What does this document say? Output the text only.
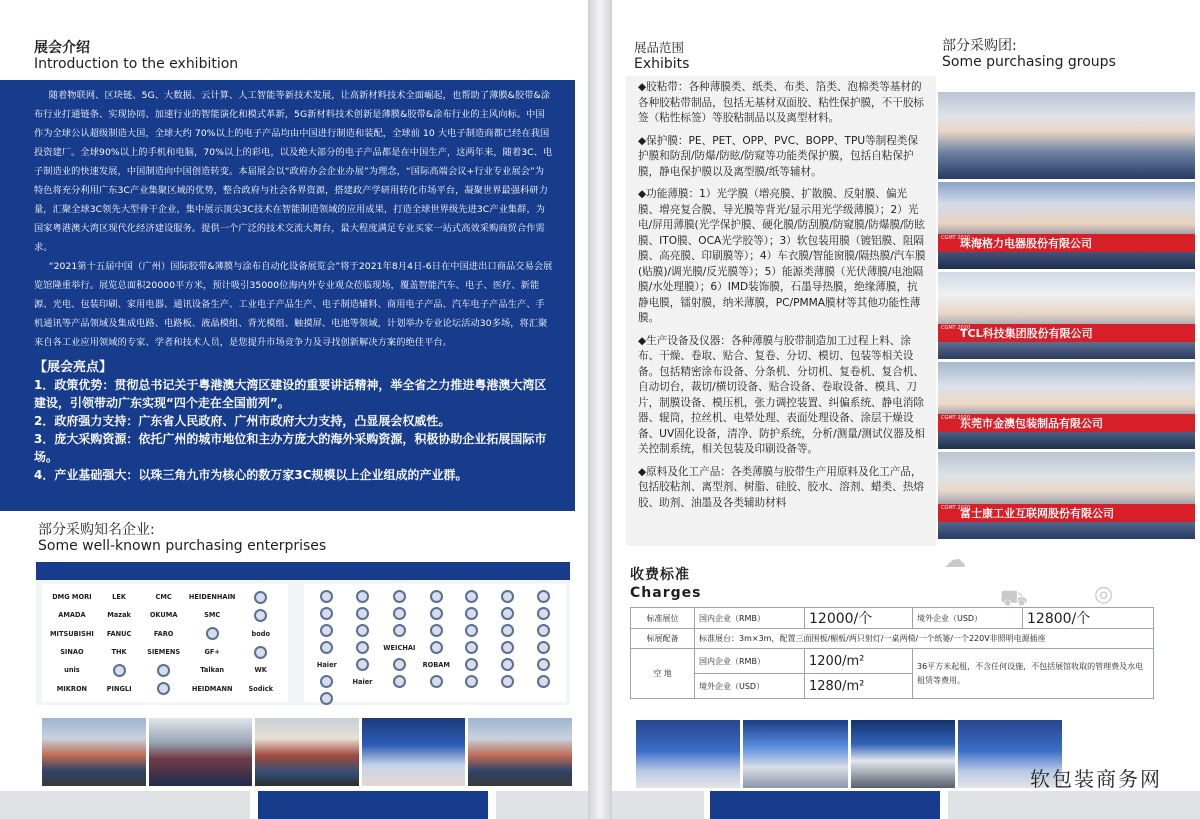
展会介绍
Introduction to the exhibition

随着物联网、区块链、5G、大数据、云计算、人工智能等新技术发展，让高新材料技术全面崛起，也帮助了薄膜&胶带&涂布行业打通链条、实现协同、加速行业的智能演化和模式革新，5G新材料技术创新是薄膜&胶带&涂布行业的主风向标。中国作为全球公认超级制造大国，全球大约 70%以上的电子产品均由中国进行制造和装配，全球前 10 大电子制造商都已经在我国投资建厂。全球90%以上的手机和电脑，70%以上的彩电，以及绝大部分的电子产品都是在中国生产，这两年来，随着3C、电子制造业的快速发展，中国制造向中国创造转变。本届展会以“政府办会企业办展”为理念，“国际高端会议+行业专业展会”为特色将充分利用广东3C产业集聚区域的优势，整合政府与社会各界资源，搭建政产学研用转化市场平台，凝聚世界最强科研力量，汇聚全球3C领先大型骨干企业，集中展示顶尖3C技术在智能制造领域的应用成果，打造全球世界级先进3C产业集群，为国家粤港澳大湾区现代化经济建设服务。提供一个广泛的技术交流大舞台，最大程度满足专业买家一站式高效采购商贸合作需求。

“2021第十五届中国（广州）国际胶带&薄膜与涂布自动化设备展览会”将于2021年8月4日-6日在中国进出口商品交易会展览馆隆重举行。展览总面积20000平方米，预计吸引35000位海内外专业观众莅临现场，覆盖智能汽车、电子、医疗、新能源、光电、包装印刷、家用电器、通讯设备生产、工业电子产品生产、电子制造辅料、商用电子产品、汽车电子产品生产、手机通讯等产品领域及集成电路、电路板、液晶模组、背光模组、触摸屏、电池等领域，计划举办专业论坛活动30多场，将汇聚来自各工业应用领域的专家、学者和技术人员，是您提升市场竞争力及寻找创新解决方案的绝佳平台。

【展会亮点】
1．政策优势：贯彻总书记关于粤港澳大湾区建设的重要讲话精神，举全省之力推进粤港澳大湾区建设，引领带动广东实现“四个走在全国前列”。
2．政府强力支持：广东省人民政府、广州市政府大力支持，凸显展会权威性。
3．庞大采购资源：依托广州的城市地位和主办方庞大的海外采购资源，积极协助企业拓展国际市场。
4．产业基础强大：以珠三角九市为核心的数万家3C规模以上企业组成的产业群。
部分采购知名企业:
Some well-known purchasing enterprises
DMG MORI	LEK	CMC	HEIDENHAIN
AMADA	Mazak	OKUMA	SMC
MITSUBISHI	FANUC	FARO	bodo
SINAO	THK	SIEMENS	GF+
unis	Talkan	WK
MIKRON	PINGLI	HEIDMANN	Sodick
WEICHAI
Haier	ROBAM
Haier
展品范围
Exhibits

◆胶粘带：各种薄膜类、纸类、布类、箔类、泡棉类等基材的各种胶粘带制品，包括无基材双面胶、粘性保护膜，不干胶标签（粘性标签）等胶粘制品以及离型材料。

◆保护膜：PE、PET、OPP、PVC、BOPP、TPU等制程类保护膜和防刮/防爆/防眩/防窥等功能类保护膜，包括自粘保护膜，静电保护膜以及离型膜/纸等辅材。

◆功能薄膜：1）光学膜（增亮膜、扩散膜、反射膜、偏光膜、增亮复合膜、导光膜等背光/显示用光学级薄膜）；2）光电/屏用薄膜(光学保护膜、硬化膜/防刮膜/防窥膜/防爆膜/防眩膜、ITO膜、OCA光学胶等）；3）软包装用膜（镀铝膜、阻隔膜、高亮膜、印刷膜等）；4）车衣膜/智能窗膜/隔热膜/汽车膜(贴膜)/调光膜/反光膜等）；5）能源类薄膜（光伏薄膜/电池隔膜/水处理膜）；6）IMD装饰膜，石墨导热膜，绝缘薄膜，抗静电膜，镭射膜，纳米薄膜，PC/PMMA膜材等其他功能性薄膜。

◆生产设备及仪器：各种薄膜与胶带制造加工过程上料、涂布、干燥、卷取、贴合、复卷、分切、模切、包装等相关设备。包括精密涂布设备、分条机、分切机、复卷机、复合机、自动切台，裁切/横切设备、贴合设备、卷取设备、模具、刀片，制膜设备、模压机，张力调控装置、纠偏系统、静电消除器、辊筒，拉丝机、电晕处理、表面处理设备、涂层干燥设备、UV固化设备，清净、防护系统，分析/测量/测试仪器及相关控制系统，相关包装及印刷设备等。

◆原料及化工产品：各类薄膜与胶带生产用原料及化工产品，包括胶粘剂、离型剂、树脂、硅胶、胶水、溶剂、蜡类、热熔胶、助剂、油墨及各类辅助材料

部分采购团:
Some purchasing groups
CGMT 2020
珠海格力电器股份有限公司
CGMT 2020
TCL科技集团股份有限公司
CGMT 2020
东莞市金澳包装制品有限公司
CGMT 2020
富士康工业互联网股份有限公司
☁
⛟	◎
收费标准
Charges
标准展位	国内企业（RMB）	12000/个	境外企业（USD）	12800/个
标展配备	标准展台：3m×3m，配置三面围板/楣板/两只射灯/一桌两椅/一个纸篓/一个220V非照明电源插座			
空 地	国内企业（RMB）	1200/m²	36平方米起租，不含任何设施，不包括展馆收取的管理费及水电租赁等费用。	
	境外企业（USD）	1280/m²		
软包装商务网
